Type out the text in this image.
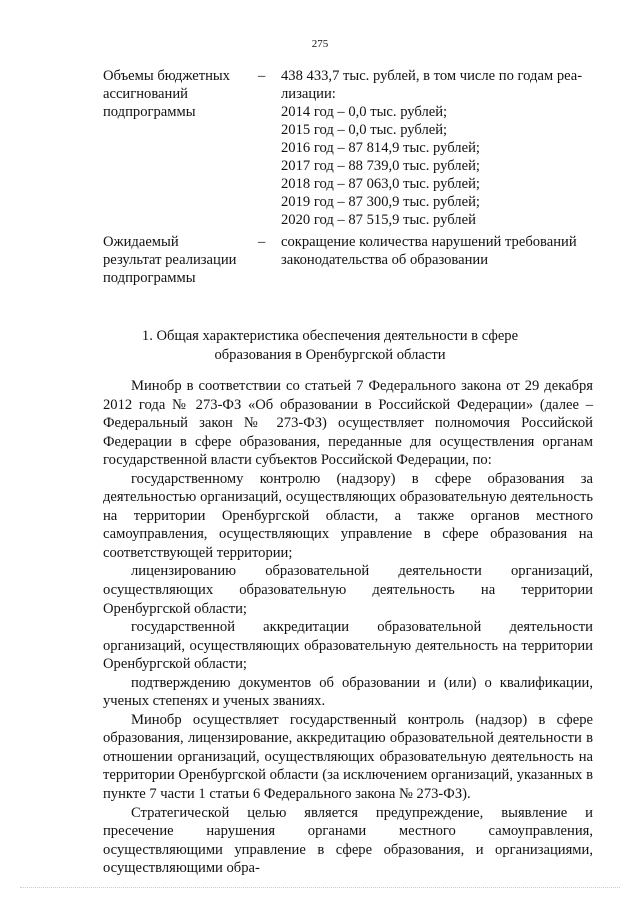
275
Объемы бюджетных
ассигнований
подпрограммы
– 438 433,7 тыс. рублей, в том числе по годам реа-
лизации:
2014 год – 0,0 тыс. рублей;
2015 год – 0,0 тыс. рублей;
2016 год – 87 814,9 тыс. рублей;
2017 год – 88 739,0 тыс. рублей;
2018 год – 87 063,0 тыс. рублей;
2019 год – 87 300,9 тыс. рублей;
2020 год – 87 515,9 тыс. рублей
Ожидаемый
результат реализации
подпрограммы
– сокращение количества нарушений требований
законодательства об образовании
1. Общая характеристика обеспечения деятельности в сфере
образования в Оренбургской области

Минобр в соответствии со статьей 7 Федерального закона от 29 декабря 2012 года № 273-ФЗ «Об образовании в Российской Федерации» (далее – Федеральный закон № 273-ФЗ) осуществляет полномочия Российской Федерации в сфере образования, переданные для осуществления органам государственной власти субъектов Российской Федерации, по:

государственному контролю (надзору) в сфере образования за деятельностью организаций, осуществляющих образовательную деятельность на территории Оренбургской области, а также органов местного самоуправления, осуществляющих управление в сфере образования на соответствующей территории;

лицензированию образовательной деятельности организаций, осуществляющих образовательную деятельность на территории Оренбургской области;

государственной аккредитации образовательной деятельности организаций, осуществляющих образовательную деятельность на территории Оренбургской области;

подтверждению документов об образовании и (или) о квалификации, ученых степенях и ученых званиях.

Минобр осуществляет государственный контроль (надзор) в сфере образования, лицензирование, аккредитацию образовательной деятельности в отношении организаций, осуществляющих образовательную деятельность на территории Оренбургской области (за исключением организаций, указанных в пункте 7 части 1 статьи 6 Федерального закона № 273-ФЗ).

Стратегической целью является предупреждение, выявление и пресечение нарушения органами местного самоуправления, осуществляющими управление в сфере образования, и организациями, осуществляющими обра-
